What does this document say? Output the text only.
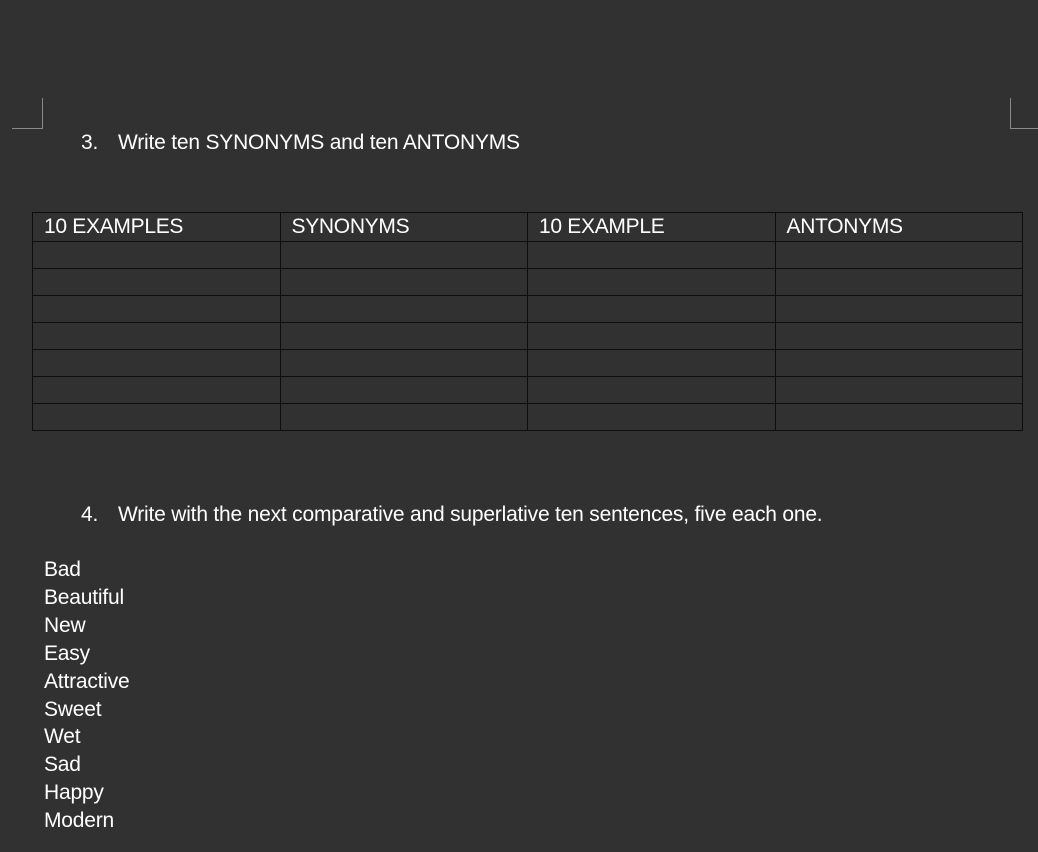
3. Write ten SYNONYMS and ten ANTONYMS
10 EXAMPLES	SYNONYMS	10 EXAMPLE	ANTONYMS

4. Write with the next comparative and superlative ten sentences, five each one.
Bad
Beautiful
New
Easy
Attractive
Sweet
Wet
Sad
Happy
Modern
